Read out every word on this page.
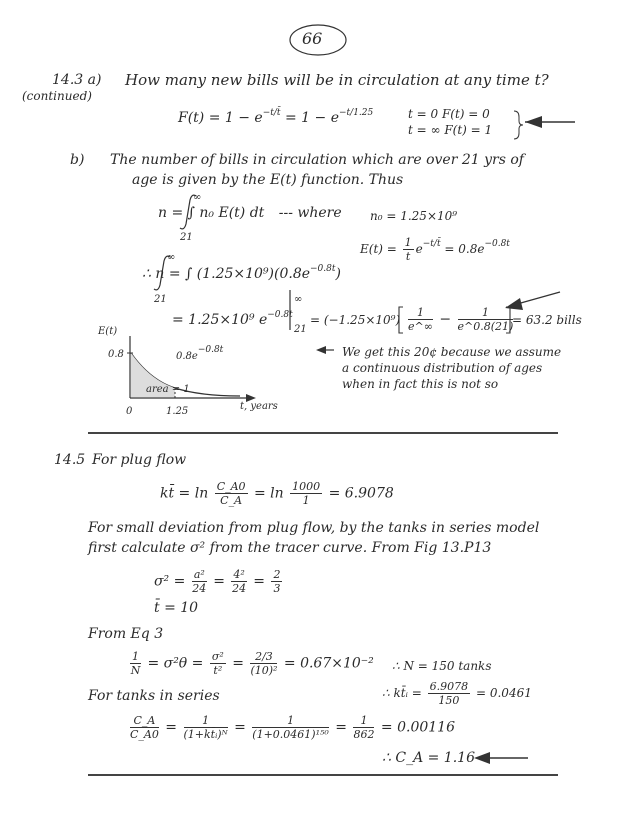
66
14.3 a)
(continued)
How many new bills will be in circulation at any time t?
$F(t) = 1 - e^{-t/t̄} = 1 - e^{-t/1.25}$	t = 0 F(t) = 0
t = ∞ F(t) = 1
b) The number of bills in circulation which are over 21 yrs of
age is given by the E(t) function. Thus
n = ∫ n₀ E(t) dt --- where
∞
21
n₀ = 1.25×10⁹
$E(t) = \frac{1}{t̄} e^{-t/t̄} = 0.8e^{-0.8t}$
∴ n = ∫ $(1.25\times 10^9)(0.8e^{-0.8t})$
∞
21
= 1.25×10⁹ $e^{-0.8t}$
∞
21
= $(-1.25\times 10^9) \frac{1}{e\^{}\infty} - \frac{1}{e\^{}0.8(21)}$
= 63.2 bills
E(t)
0.8	0.8e−0.8t
area = 1
0	1.25	t, years
We get this 20¢ because we assume
a continuous distribution of ages
when in fact this is not so
14.5 For plug flow
kt̄ = $\ln \frac{C\_A0}{C\_A} = \ln \frac{1000}{1} = 6.9078$
For small deviation from plug flow, by the tanks in series model
first calculate σ² from the tracer curve. From Fig 13.P13
$\sigma^2 = \frac{\text{a²}}{24} = \frac{\text{4²}}{24} = \frac{2}{3}$
t̄ = 10
From Eq 3
$\frac{1}{N} = \sigma^2\theta = \frac{\text{σ²}}{\text{t̄²}} = \frac{2/3}{\text{(10)²}} = 0.67\times 10^{-2}$ ∴ N = 150 tanks
∴ kt̄ᵢ = $\frac{6.9078}{150} = 0.0461$
For tanks in series
$\frac{C\_A}{C\_A0} = \frac{1}{\text{(1+kt̄ᵢ)ᴺ}} = \frac{1}{\text{(1+0.0461)¹⁵⁰}} = \frac{1}{862} = 0.00116$
∴ C_A = 1.16
